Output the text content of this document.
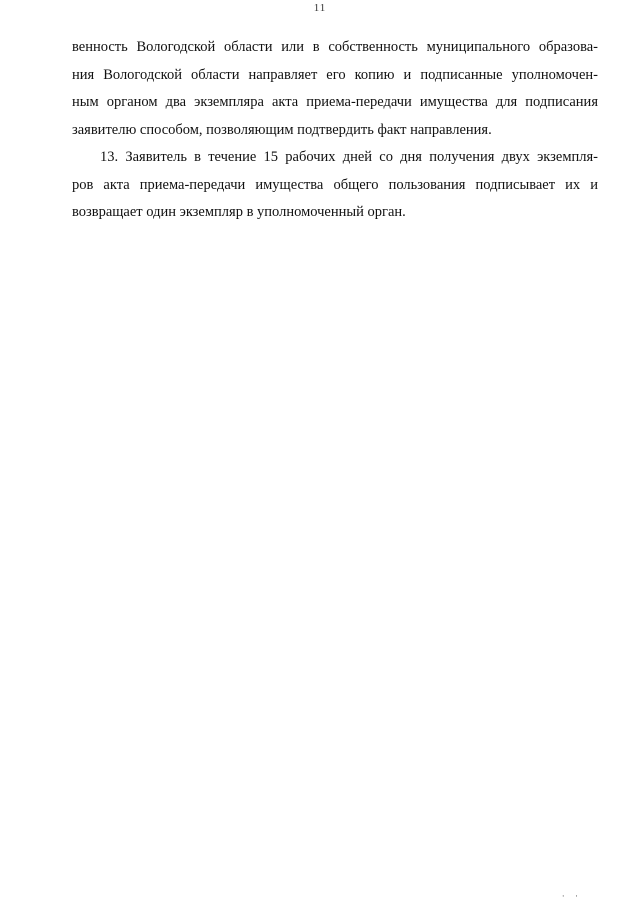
11
венность Вологодской области или в собственность муниципального образова-
ния Вологодской области направляет его копию и подписанные уполномочен-
ным органом два экземпляра акта приема-передачи имущества для подписания
заявителю способом, позволяющим подтвердить факт направления.
13. Заявитель в течение 15 рабочих дней со дня получения двух экземпля-
ров акта приема-передачи имущества общего пользования подписывает их и
возвращает один экземпляр в уполномоченный орган.
· ·
